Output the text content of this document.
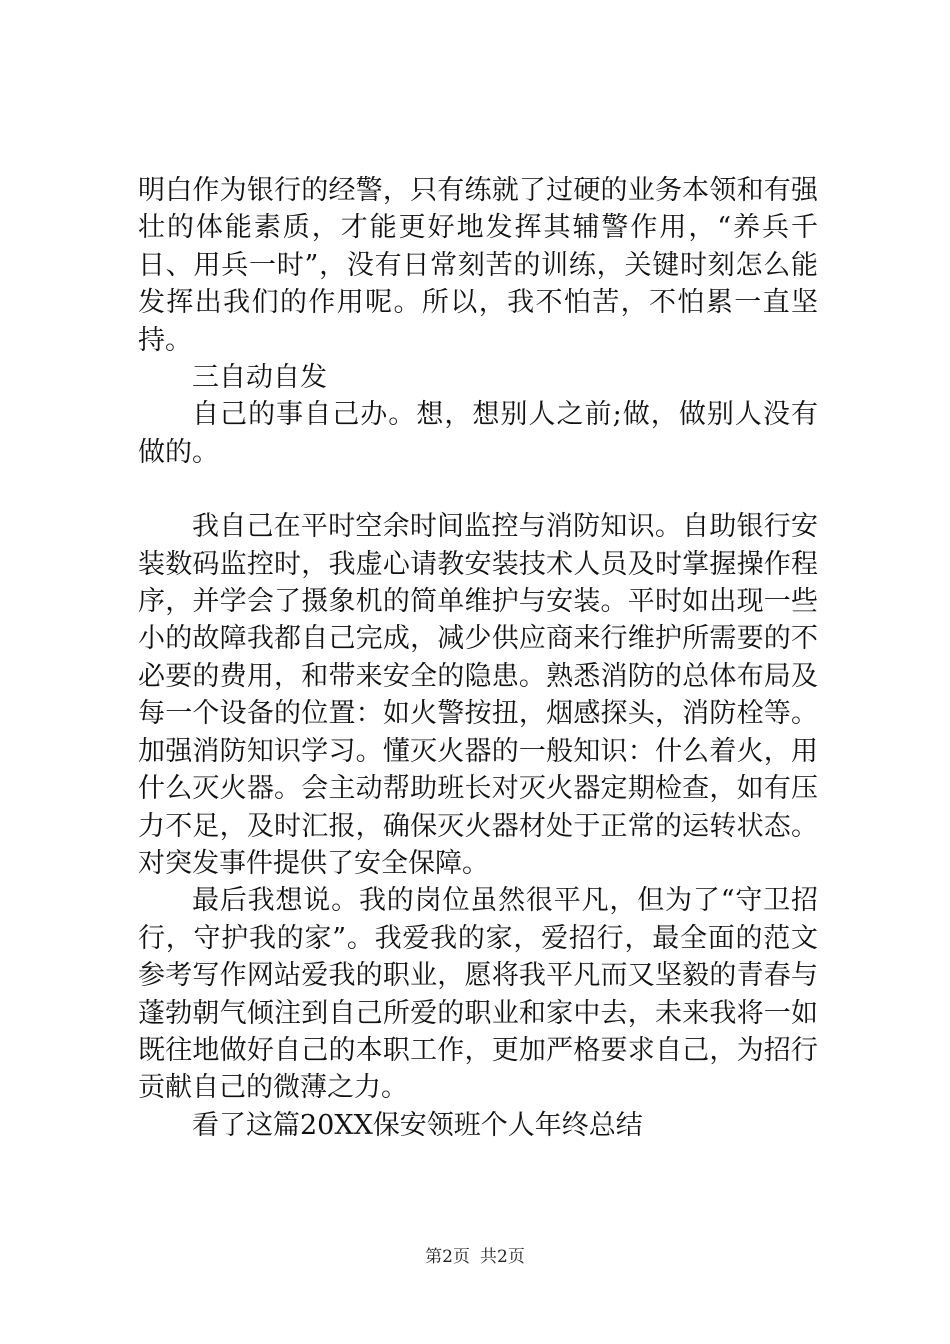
明白作为银行的经警，只有练就了过硬的业务本领和有强壮的体能素质，才能更好地发挥其辅警作用，“养兵千日、用兵一时”，没有日常刻苦的训练，关键时刻怎么能发挥出我们的作用呢。所以，我不怕苦，不怕累一直坚持。

三自动自发

自己的事自己办。想，想别人之前;做，做别人没有做的。

我自己在平时空余时间监控与消防知识。自助银行安装数码监控时，我虚心请教安装技术人员及时掌握操作程序，并学会了摄象机的简单维护与安装。平时如出现一些小的故障我都自己完成，减少供应商来行维护所需要的不必要的费用，和带来安全的隐患。熟悉消防的总体布局及每一个设备的位置：如火警按扭，烟感探头，消防栓等。加强消防知识学习。懂灭火器的一般知识：什么着火，用什么灭火器。会主动帮助班长对灭火器定期检查，如有压力不足，及时汇报，确保灭火器材处于正常的运转状态。对突发事件提供了安全保障。

最后我想说。我的岗位虽然很平凡，但为了“守卫招行，守护我的家”。我爱我的家，爱招行，最全面的范文参考写作网站爱我的职业，愿将我平凡而又坚毅的青春与蓬勃朝气倾注到自己所爱的职业和家中去，未来我将一如既往地做好自己的本职工作，更加严格要求自己，为招行贡献自己的微薄之力。

看了这篇20XX保安领班个人年终总结

第2页 共2页
